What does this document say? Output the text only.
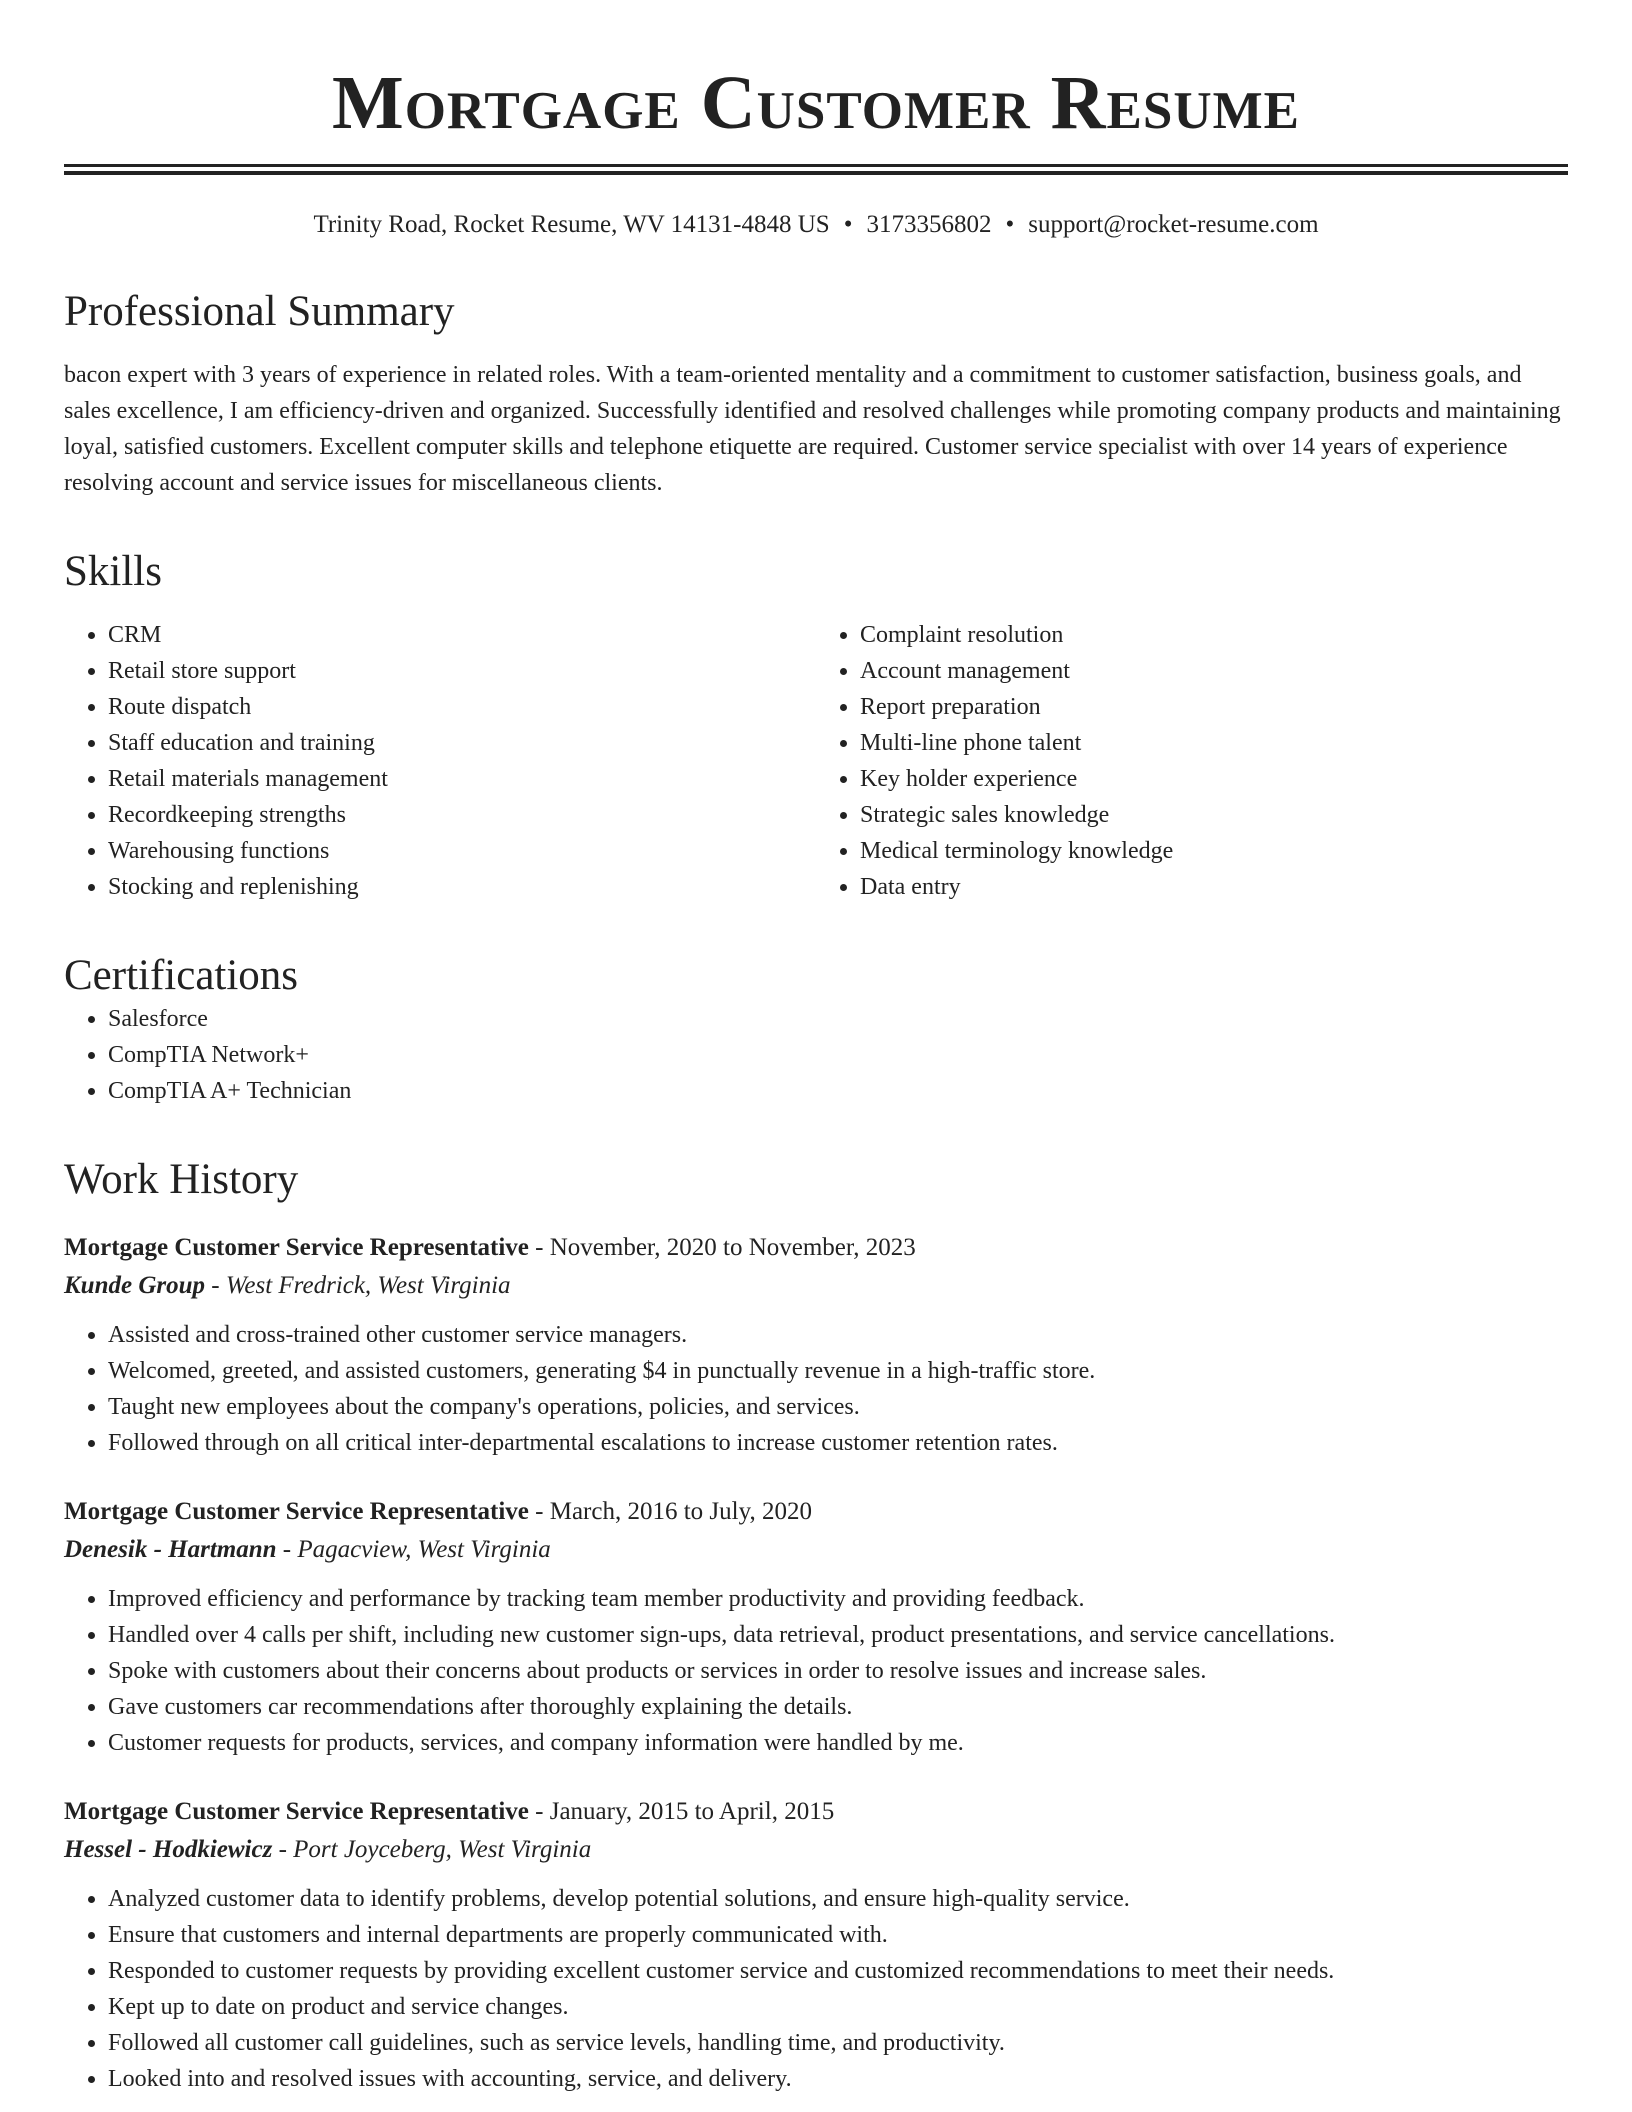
Mortgage Customer Resume
Trinity Road, Rocket Resume, WV 14131-4848 US • 3173356802 • support@rocket-resume.com
Professional Summary

bacon expert with 3 years of experience in related roles. With a team-oriented mentality and a commitment to customer satisfaction, business goals, and sales excellence, I am efficiency-driven and organized. Successfully identified and resolved challenges while promoting company products and maintaining loyal, satisfied customers. Excellent computer skills and telephone etiquette are required. Customer service specialist with over 14 years of experience resolving account and service issues for miscellaneous clients.

Skills
• CRM
• Retail store support
• Route dispatch
• Staff education and training
• Retail materials management
• Recordkeeping strengths
• Warehousing functions
• Stocking and replenishing
• Complaint resolution
• Account management
• Report preparation
• Multi-line phone talent
• Key holder experience
• Strategic sales knowledge
• Medical terminology knowledge
• Data entry
Certifications
• Salesforce
• CompTIA Network+
• CompTIA A+ Technician
Work History
Mortgage Customer Service Representative - November, 2020 to November, 2023
Kunde Group - West Fredrick, West Virginia
• Assisted and cross-trained other customer service managers.
• Welcomed, greeted, and assisted customers, generating $4 in punctually revenue in a high-traffic store.
• Taught new employees about the company's operations, policies, and services.
• Followed through on all critical inter-departmental escalations to increase customer retention rates.
Mortgage Customer Service Representative - March, 2016 to July, 2020
Denesik - Hartmann - Pagacview, West Virginia
• Improved efficiency and performance by tracking team member productivity and providing feedback.
• Handled over 4 calls per shift, including new customer sign-ups, data retrieval, product presentations, and service cancellations.
• Spoke with customers about their concerns about products or services in order to resolve issues and increase sales.
• Gave customers car recommendations after thoroughly explaining the details.
• Customer requests for products, services, and company information were handled by me.
Mortgage Customer Service Representative - January, 2015 to April, 2015
Hessel - Hodkiewicz - Port Joyceberg, West Virginia
• Analyzed customer data to identify problems, develop potential solutions, and ensure high-quality service.
• Ensure that customers and internal departments are properly communicated with.
• Responded to customer requests by providing excellent customer service and customized recommendations to meet their needs.
• Kept up to date on product and service changes.
• Followed all customer call guidelines, such as service levels, handling time, and productivity.
• Looked into and resolved issues with accounting, service, and delivery.
